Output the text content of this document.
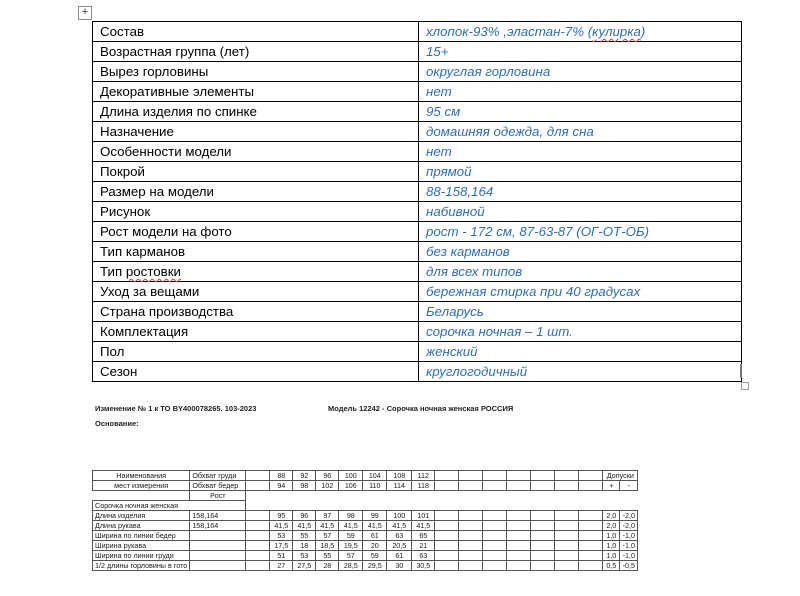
+
Состав	хлопок-93% ,эластан-7% (кулирка)
Возрастная группа (лет)	15+
Вырез горловины	округлая горловина
Декоративные элементы	нет
Длина изделия по спинке	95 см
Назначение	домашняя одежда, для сна
Особенности модели	нет
Покрой	прямой
Размер на модели	88-158,164
Рисунок	набивной
Рост модели на фото	рост - 172 см, 87-63-87 (ОГ-ОТ-ОБ)
Тип карманов	без карманов
Тип ростовки	для всех типов
Уход за вещами	бережная стирка при 40 градусах
Страна производства	Беларусь
Комплектация	сорочка ночная – 1 шт.
Пол	женский
Сезон	круглогодичный
Изменение № 1 к ТО BY400078265. 103-2023	Модель 12242 - Сорочка ночная женская РОССИЯ
Основание:
Наименования	Обхват груди		88	92	96	100	104	108	112								Допуски	
мест измерения	Обхват бедер		94	98	102	106	110	114	118								+	-
	Рост																	
Сорочка ночная женская																		
Длина изделия	158,164		95	96	97	98	99	100	101								2,0	-2,0
Длина рукава	158,164		41,5	41,5	41,5	41,5	41,5	41,5	41,5								2,0	-2,0
Ширина по линии бедер			53	55	57	59	61	63	65								1,0	-1,0
Ширина рукава			17,5	18	18,5	19,5	20	20,5	21								1,0	-1,0
Ширина по линии груди			51	53	55	57	59	61	63								1,0	-1,0
1/2 длины горловины в гото			27	27,5	28	28,5	29,5	30	30,5								0,5	-0,5
